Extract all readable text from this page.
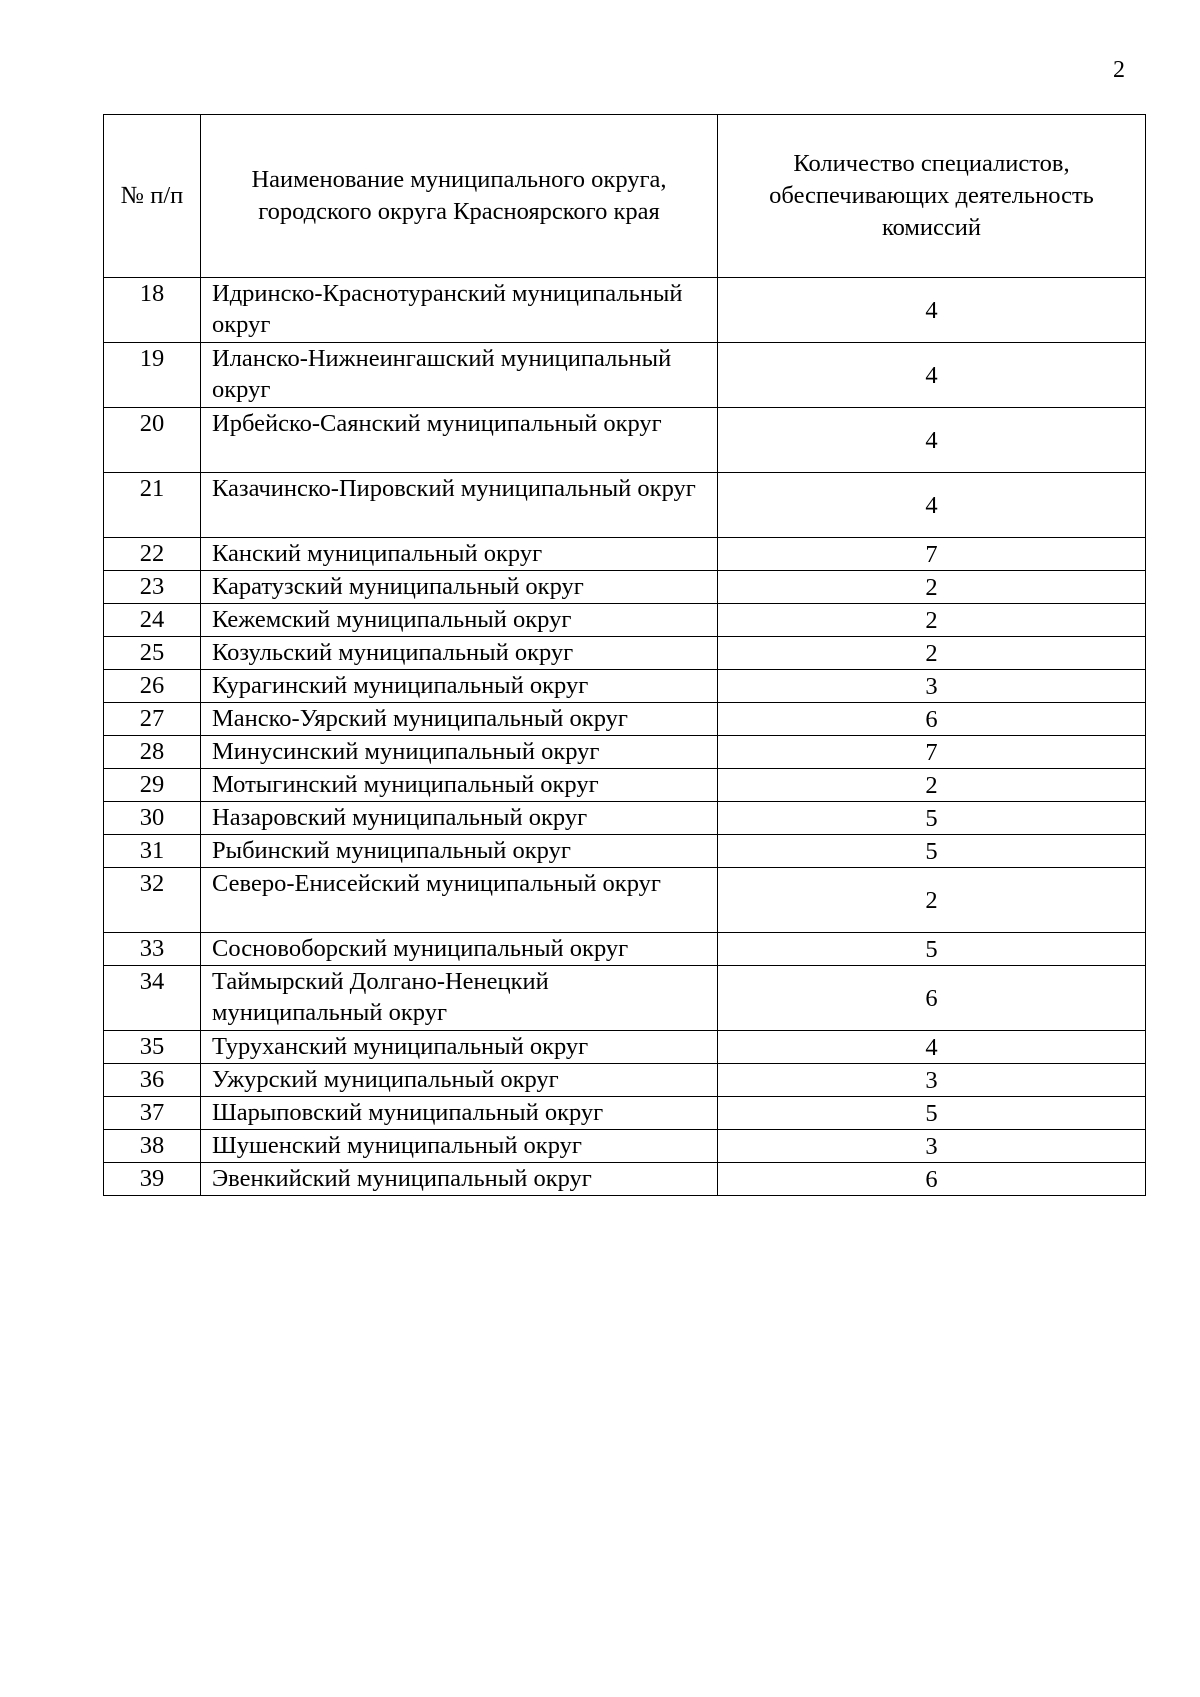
2
№ п/п	Наименование муниципального округа, городского округа Красноярского края	Количество специалистов, обеспечивающих деятельность комиссий
18	Идринско-Краснотуранский муниципальный округ	4
19	Иланско-Нижнеингашский муниципальный округ	4
20	Ирбейско-Саянский муниципальный округ	4
21	Казачинско-Пировский муниципальный округ	4
22	Канский муниципальный округ	7
23	Каратузский муниципальный округ	2
24	Кежемский муниципальный округ	2
25	Козульский муниципальный округ	2
26	Курагинский муниципальный округ	3
27	Манско-Уярский муниципальный округ	6
28	Минусинский муниципальный округ	7
29	Мотыгинский муниципальный округ	2
30	Назаровский муниципальный округ	5
31	Рыбинский муниципальный округ	5
32	Северо-Енисейский муниципальный округ	2
33	Сосновоборский муниципальный округ	5
34	Таймырский Долгано-Ненецкий муниципальный округ	6
35	Туруханский муниципальный округ	4
36	Ужурский муниципальный округ	3
37	Шарыповский муниципальный округ	5
38	Шушенский муниципальный округ	3
39	Эвенкийский муниципальный округ	6
